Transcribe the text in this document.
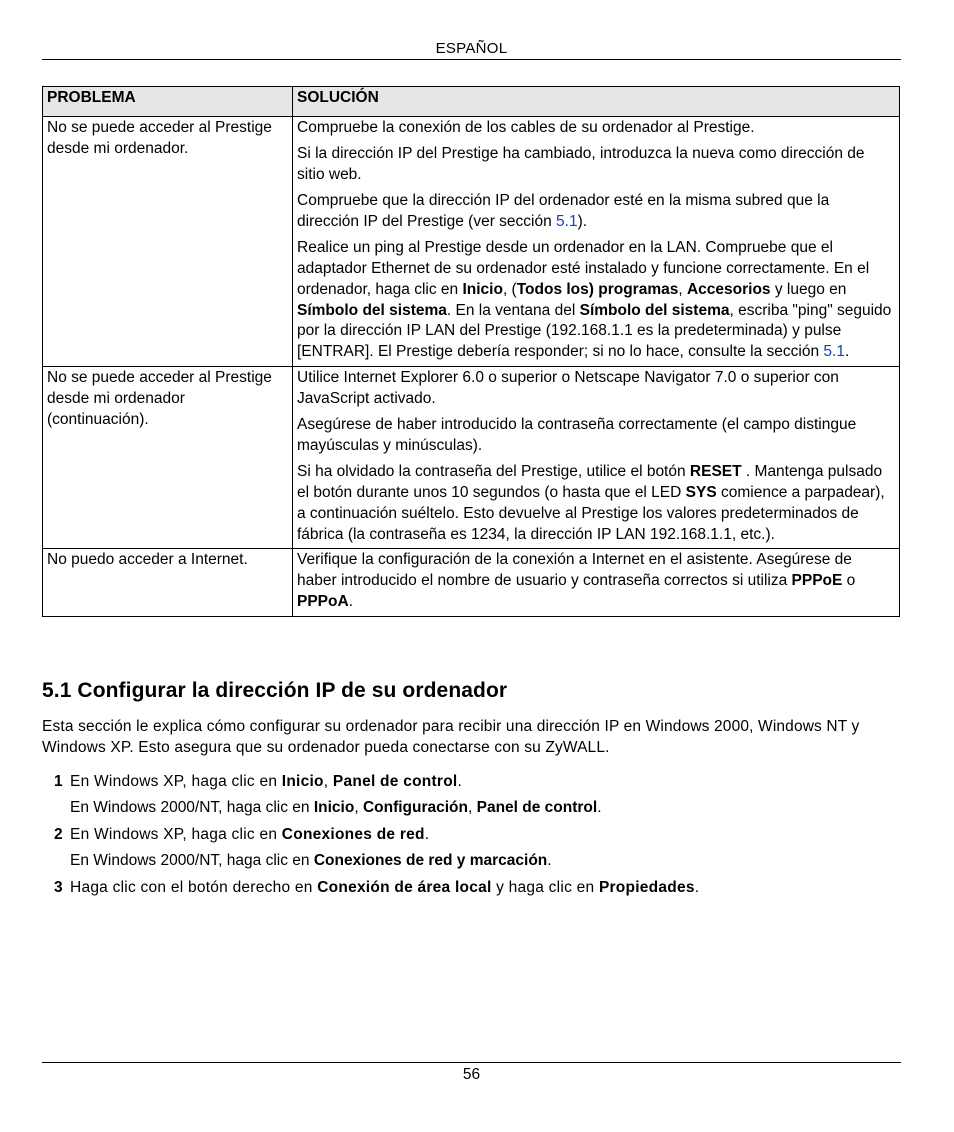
ESPAÑOL
PROBLEMA	SOLUCIÓN
No se puede acceder al Prestige desde mi ordenador.	Compruebe la conexión de los cables de su ordenador al Prestige.

Si la dirección IP del Prestige ha cambiado, introduzca la nueva como dirección de sitio web.

Compruebe que la dirección IP del ordenador esté en la misma subred que la dirección IP del Prestige (ver sección 5.1).

Realice un ping al Prestige desde un ordenador en la LAN. Compruebe que el adaptador Ethernet de su ordenador esté instalado y funcione correctamente. En el ordenador, haga clic en Inicio, (Todos los) programas, Accesorios y luego en Símbolo del sistema. En la ventana del Símbolo del sistema, escriba "ping" seguido por la dirección IP LAN del Prestige (192.168.1.1 es la predeterminada) y pulse [ENTRAR]. El Prestige debería responder; si no lo hace, consulte la sección 5.1.

No se puede acceder al Prestige desde mi ordenador (continuación).	Utilice Internet Explorer 6.0 o superior o Netscape Navigator 7.0 o superior con JavaScript activado.

Asegúrese de haber introducido la contraseña correctamente (el campo distingue mayúsculas y minúsculas).

Si ha olvidado la contraseña del Prestige, utilice el botón RESET . Mantenga pulsado el botón durante unos 10 segundos (o hasta que el LED SYS comience a parpadear), a continuación suéltelo. Esto devuelve al Prestige los valores predeterminados de fábrica (la contraseña es 1234, la dirección IP LAN 192.168.1.1, etc.).

No puedo acceder a Internet.	Verifique la configuración de la conexión a Internet en el asistente. Asegúrese de haber introducido el nombre de usuario y contraseña correctos si utiliza PPPoE o PPPoA.

5.1 Configurar la dirección IP de su ordenador

Esta sección le explica cómo configurar su ordenador para recibir una dirección IP en Windows 2000, Windows NT y Windows XP. Esto asegura que su ordenador pueda conectarse con su ZyWALL.

1 En Windows XP, haga clic en Inicio, Panel de control.
En Windows 2000/NT, haga clic en Inicio, Configuración, Panel de control.
2 En Windows XP, haga clic en Conexiones de red.
En Windows 2000/NT, haga clic en Conexiones de red y marcación.
3 Haga clic con el botón derecho en Conexión de área local y haga clic en Propiedades.
56
